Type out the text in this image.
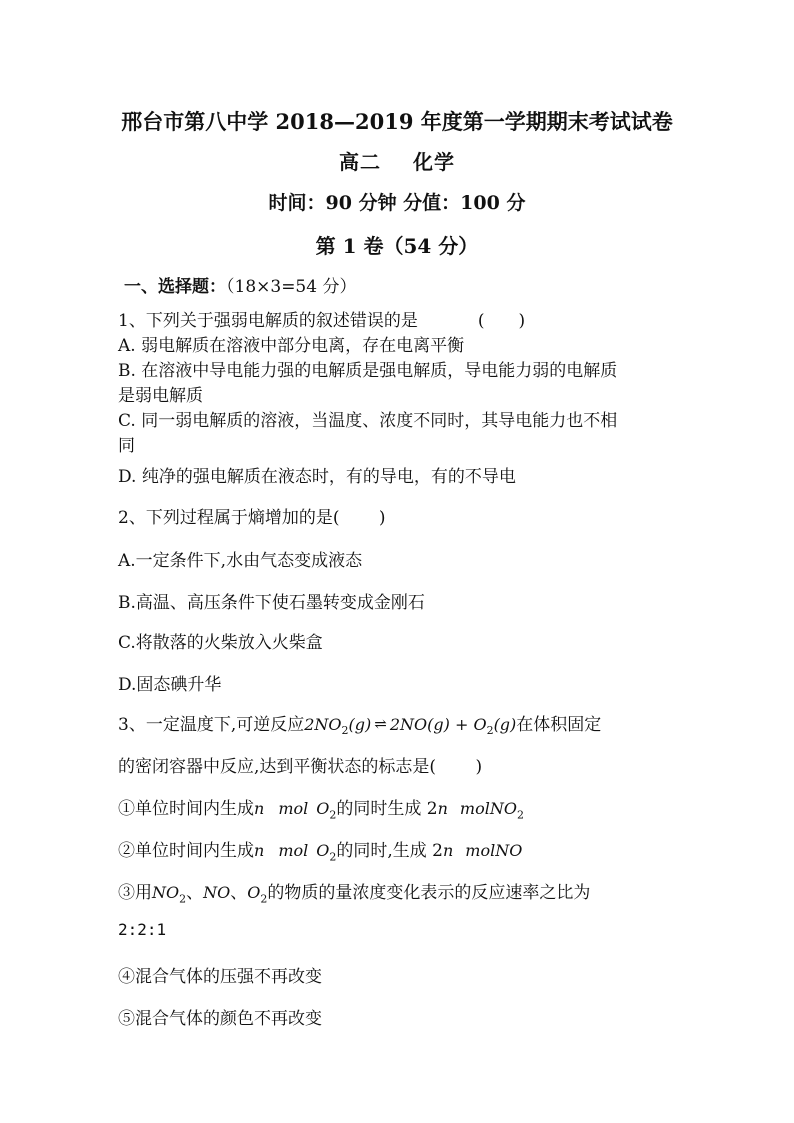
邢台市第八中学 2018—2019 年度第一学期期末考试试卷
高二 化学
时间：90 分钟 分值：100 分
第 1 卷（54 分）
一、选择题：（18×3=54 分）
1、下列关于强弱电解质的叙述错误的是	(　　)
A. 弱电解质在溶液中部分电离，存在电离平衡
B. 在溶液中导电能力强的电解质是强电解质，导电能力弱的电解质
是弱电解质
C. 同一弱电解质的溶液，当温度、浓度不同时，其导电能力也不相
同
D. 纯净的强电解质在液态时，有的导电，有的不导电
2、下列过程属于熵增加的是(　　 )
A.一定条件下,水由气态变成液态
B.高温、高压条件下使石墨转变成金刚石
C.将散落的火柴放入火柴盒
D.固态碘升华
3、一定温度下,可逆反应$2NO_2(g)$ ⇌ $2NO(g) + O_2(g)$在体积固定
的密闭容器中反应,达到平衡状态的标志是(　　 )
①单位时间内生成n mol $O_2$的同时生成 2n molNO$_2$
②单位时间内生成n mol $O_2$的同时,生成 2n molNO
③用$NO_2$、NO、$O_2$的物质的量浓度变化表示的反应速率之比为
2:2:1
④混合气体的压强不再改变
⑤混合气体的颜色不再改变
